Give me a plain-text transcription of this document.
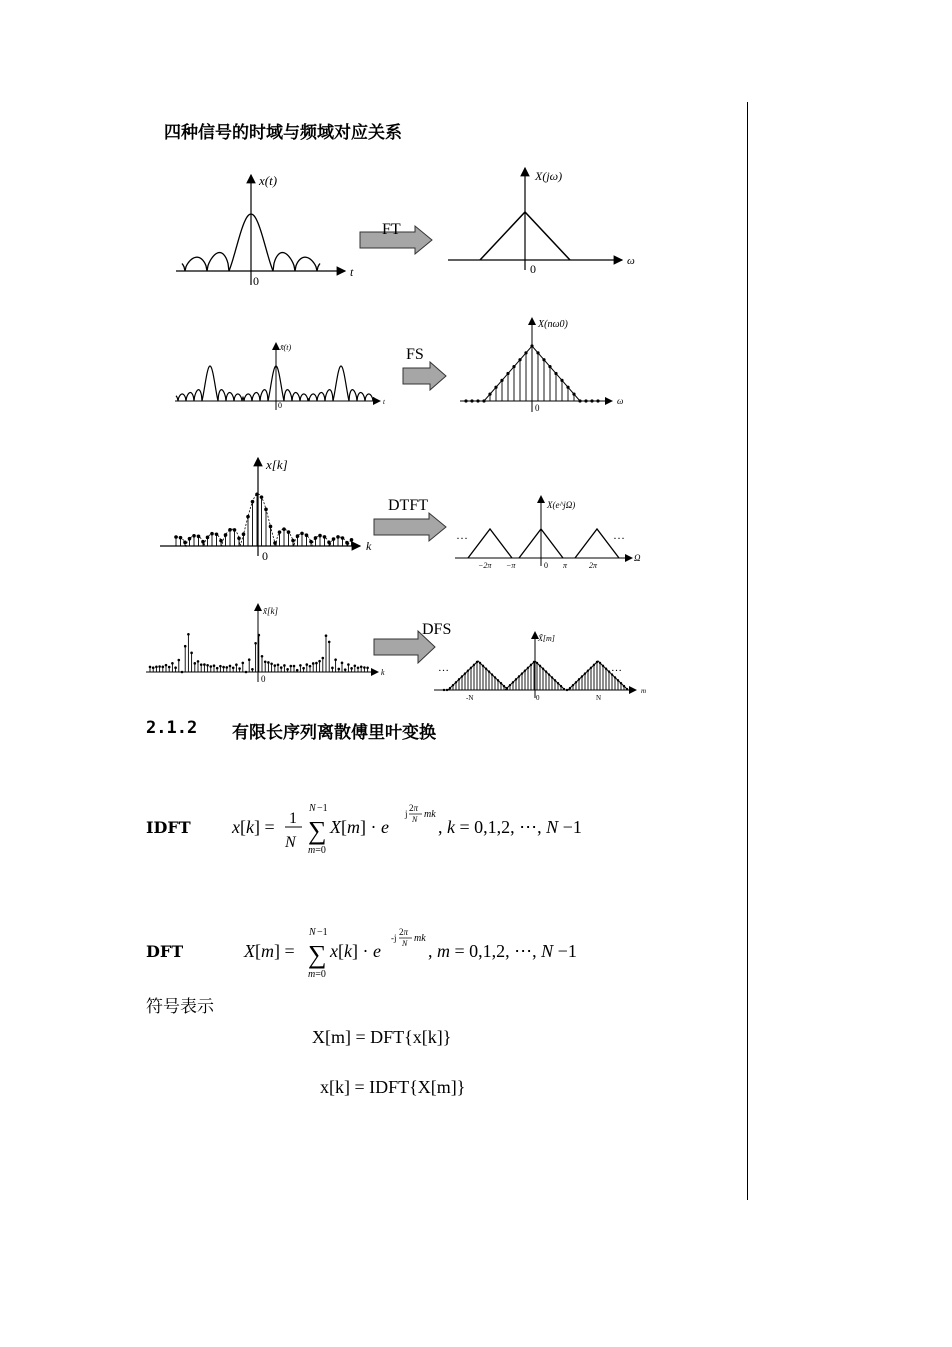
四种信号的时域与频域对应关系
x(t)
t
0
FT
X(jω)
ω
0
x̃(t)
t
0
FS
X(nω0)
ω
0
x[k]
k
0
DTFT	X(e^jΩ)
…	…
Ω
−2π −π	0 π	2π
x̃[k]
k
0
DFS
X̃[m]
…	…
m
-N	0	N
2.1.2 有限长序列离散傅里叶变换
IDFT x[k] = 1
N
N −1
∑
m=0
X[m] · e
j
2π
N mk
, k = 0,1,2, ⋯, N −1
DFT	X[m] =
N −1
∑
m=0
x[k] · e
-j
2π
N mk
, m = 0,1,2, ⋯, N −1
符号表示
X[m] = DFT{x[k]}
x[k] = IDFT{X[m]}
